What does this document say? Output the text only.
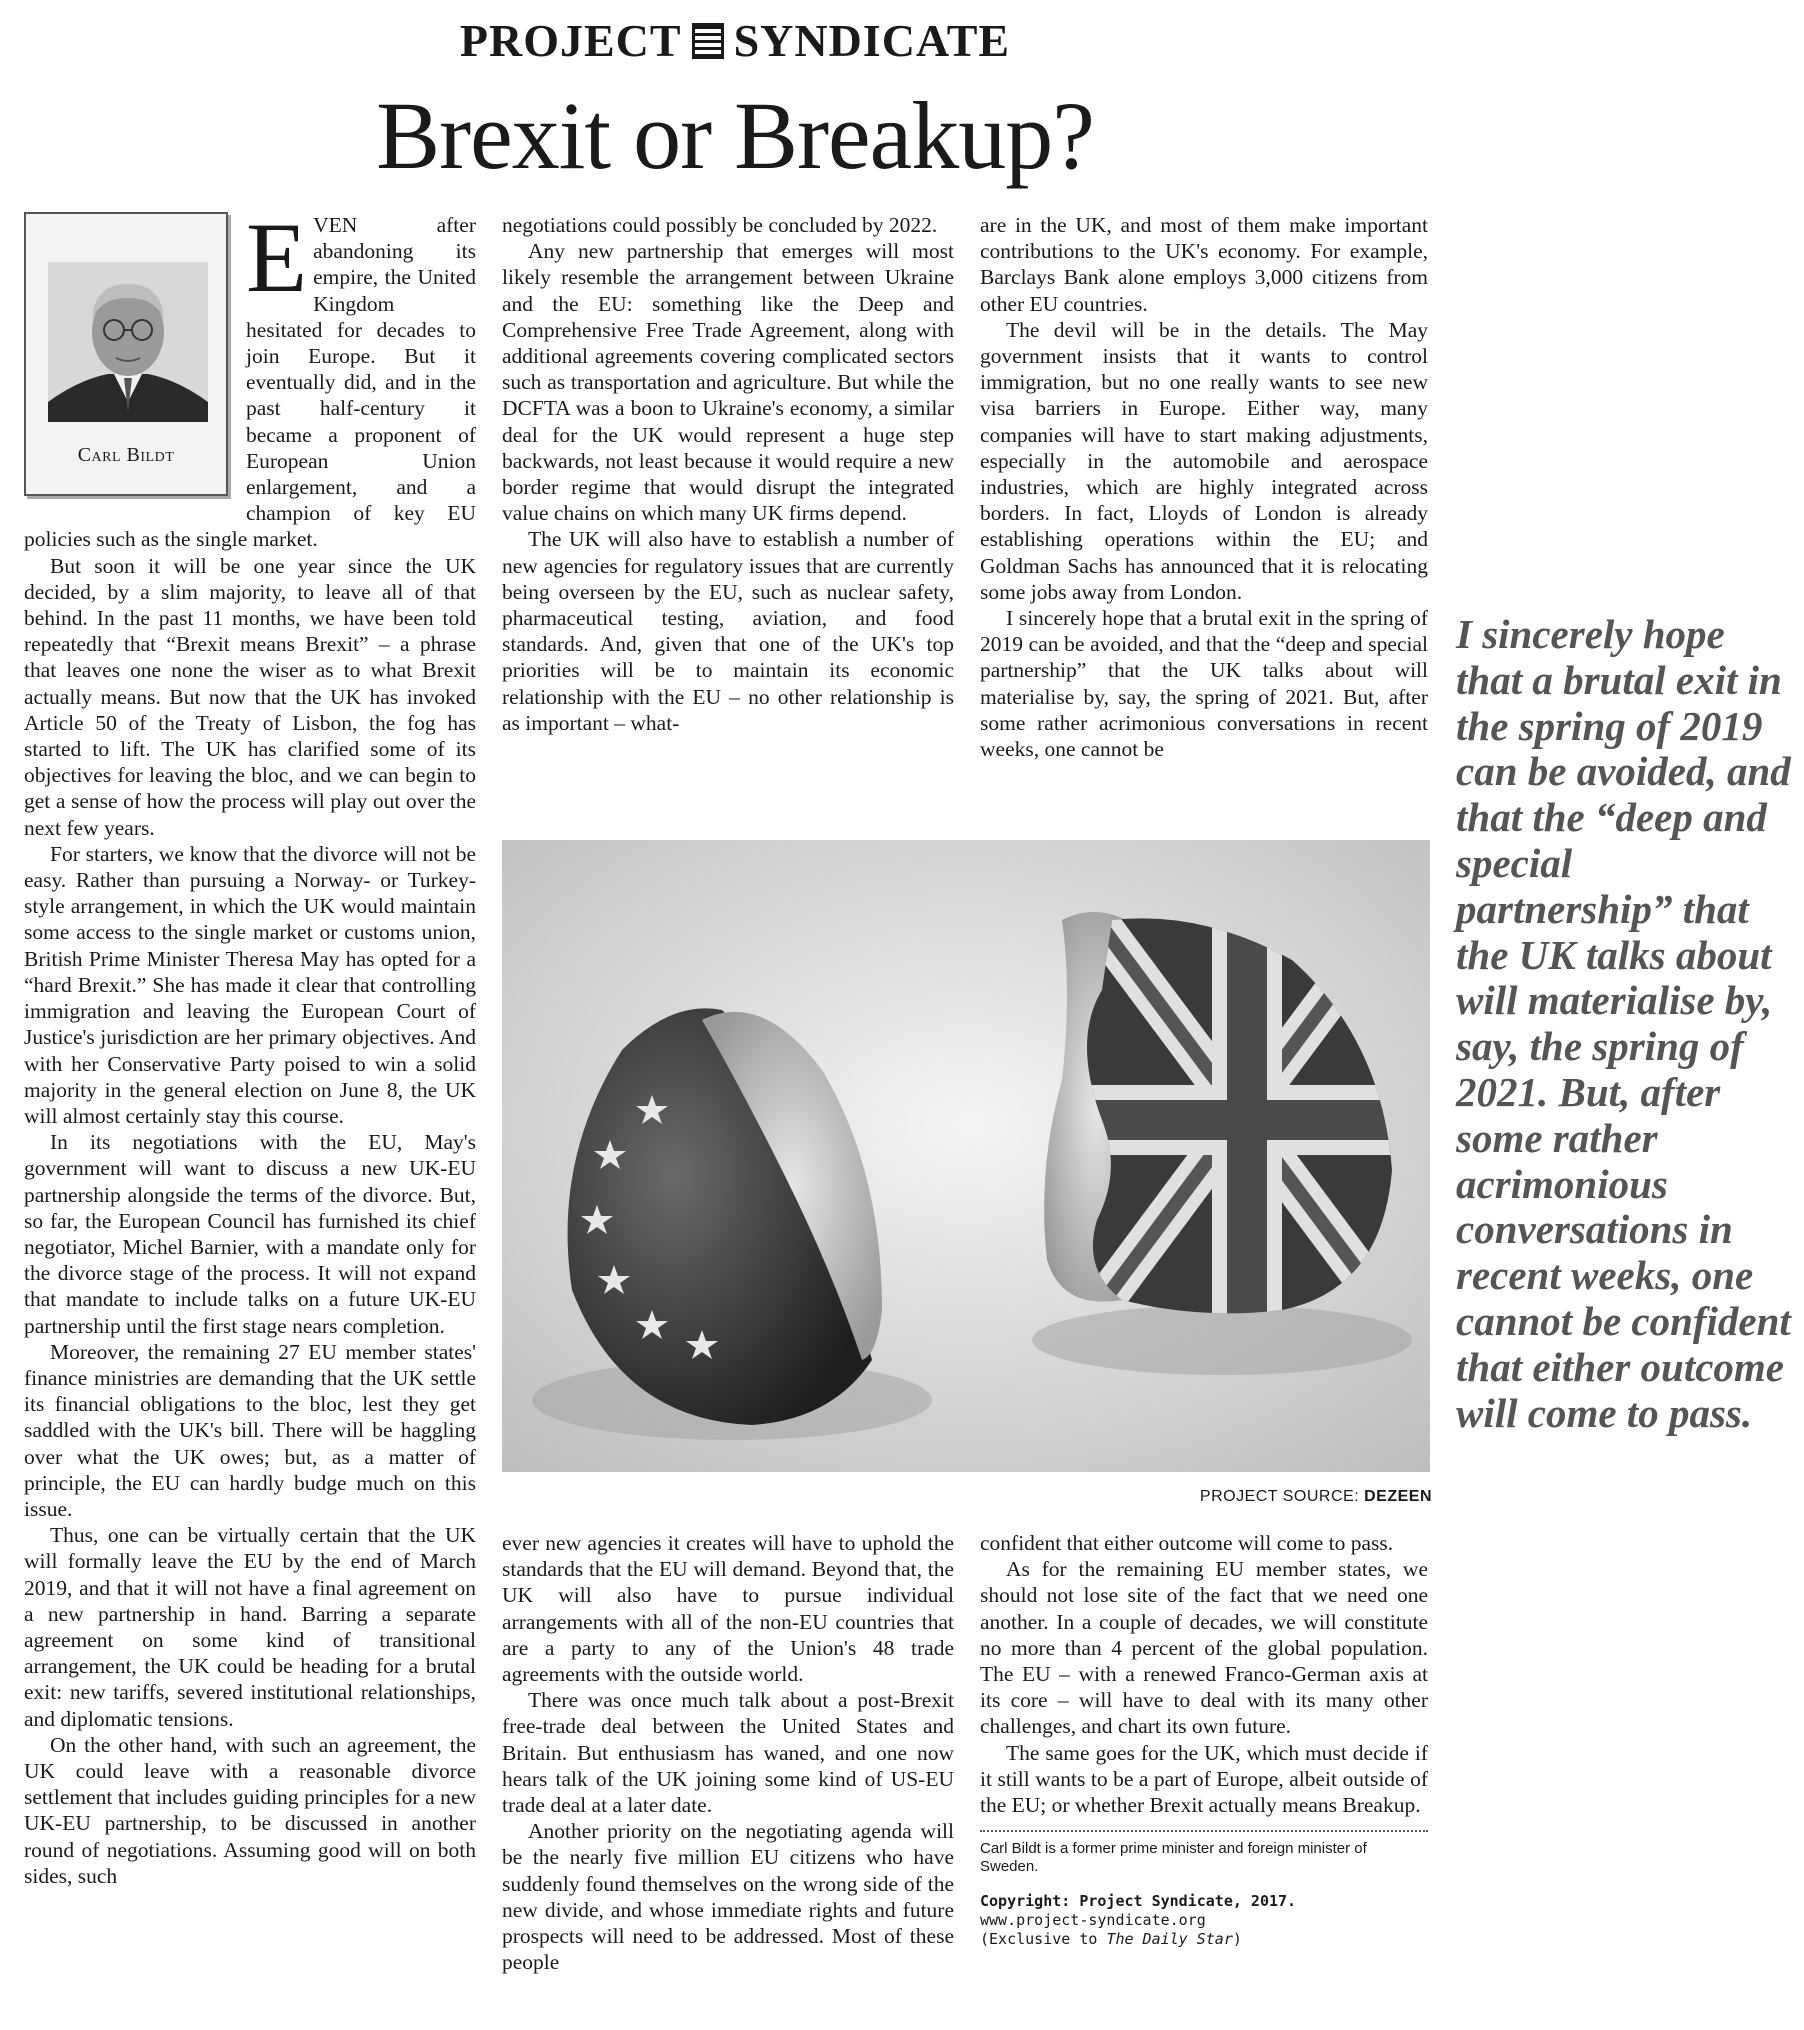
PROJECT SYNDICATE
Brexit or Breakup?
Carl Bildt

EVEN after abandoning its empire, the United Kingdom hesitated for decades to join Europe. But it eventually did, and in the past half-century it became a proponent of European Union enlargement, and a champion of key EU policies such as the single market.

But soon it will be one year since the UK decided, by a slim majority, to leave all of that behind. In the past 11 months, we have been told repeatedly that “Brexit means Brexit” – a phrase that leaves one none the wiser as to what Brexit actually means. But now that the UK has invoked Article 50 of the Treaty of Lisbon, the fog has started to lift. The UK has clarified some of its objectives for leaving the bloc, and we can begin to get a sense of how the process will play out over the next few years.

For starters, we know that the divorce will not be easy. Rather than pursuing a Norway- or Turkey-style arrangement, in which the UK would maintain some access to the single market or customs union, British Prime Minister Theresa May has opted for a “hard Brexit.” She has made it clear that controlling immigration and leaving the European Court of Justice's jurisdiction are her primary objectives. And with her Conservative Party poised to win a solid majority in the general election on June 8, the UK will almost certainly stay this course.

In its negotiations with the EU, May's government will want to discuss a new UK-EU partnership alongside the terms of the divorce. But, so far, the European Council has furnished its chief negotiator, Michel Barnier, with a mandate only for the divorce stage of the process. It will not expand that mandate to include talks on a future UK-EU partnership until the first stage nears completion.

Moreover, the remaining 27 EU member states' finance ministries are demanding that the UK settle its financial obligations to the bloc, lest they get saddled with the UK's bill. There will be haggling over what the UK owes; but, as a matter of principle, the EU can hardly budge much on this issue.

Thus, one can be virtually certain that the UK will formally leave the EU by the end of March 2019, and that it will not have a final agreement on a new partnership in hand. Barring a separate agreement on some kind of transitional arrangement, the UK could be heading for a brutal exit: new tariffs, severed institutional relationships, and diplomatic tensions.

On the other hand, with such an agreement, the UK could leave with a reasonable divorce settlement that includes guiding principles for a new UK-EU partnership, to be discussed in another round of negotiations. Assuming good will on both sides, such

negotiations could possibly be concluded by 2022.

Any new partnership that emerges will most likely resemble the arrangement between Ukraine and the EU: something like the Deep and Comprehensive Free Trade Agreement, along with additional agreements covering complicated sectors such as transportation and agriculture. But while the DCFTA was a boon to Ukraine's economy, a similar deal for the UK would represent a huge step backwards, not least because it would require a new border regime that would disrupt the integrated value chains on which many UK firms depend.

The UK will also have to establish a number of new agencies for regulatory issues that are currently being overseen by the EU, such as nuclear safety, pharmaceutical testing, aviation, and food standards. And, given that one of the UK's top priorities will be to maintain its economic relationship with the EU – no other relationship is as important – what-

are in the UK, and most of them make important contributions to the UK's economy. For example, Barclays Bank alone employs 3,000 citizens from other EU countries.

The devil will be in the details. The May government insists that it wants to control immigration, but no one really wants to see new visa barriers in Europe. Either way, many companies will have to start making adjustments, especially in the automobile and aerospace industries, which are highly integrated across borders. In fact, Lloyds of London is already establishing operations within the EU; and Goldman Sachs has announced that it is relocating some jobs away from London.

I sincerely hope that a brutal exit in the spring of 2019 can be avoided, and that the “deep and special partnership” that the UK talks about will materialise by, say, the spring of 2021. But, after some rather acrimonious conversations in recent weeks, one cannot be

PROJECT SOURCE: DEZEEN

ever new agencies it creates will have to uphold the standards that the EU will demand. Beyond that, the UK will also have to pursue individual arrangements with all of the non-EU countries that are a party to any of the Union's 48 trade agreements with the outside world.

There was once much talk about a post-Brexit free-trade deal between the United States and Britain. But enthusiasm has waned, and one now hears talk of the UK joining some kind of US-EU trade deal at a later date.

Another priority on the negotiating agenda will be the nearly five million EU citizens who have suddenly found themselves on the wrong side of the new divide, and whose immediate rights and future prospects will need to be addressed. Most of these people

confident that either outcome will come to pass.

As for the remaining EU member states, we should not lose site of the fact that we need one another. In a couple of decades, we will constitute no more than 4 percent of the global population. The EU – with a renewed Franco-German axis at its core – will have to deal with its many other challenges, and chart its own future.

The same goes for the UK, which must decide if it still wants to be a part of Europe, albeit outside of the EU; or whether Brexit actually means Breakup.

Carl Bildt is a former prime minister and foreign minister of Sweden.
Copyright: Project Syndicate, 2017.
www.project-syndicate.org
(Exclusive to The Daily Star)
I sincerely hope that a brutal exit in the spring of 2019 can be avoided, and that the “deep and special partnership” that the UK talks about will materialise by, say, the spring of 2021. But, after some rather acrimonious conversations in recent weeks, one cannot be confident that either outcome will come to pass.
